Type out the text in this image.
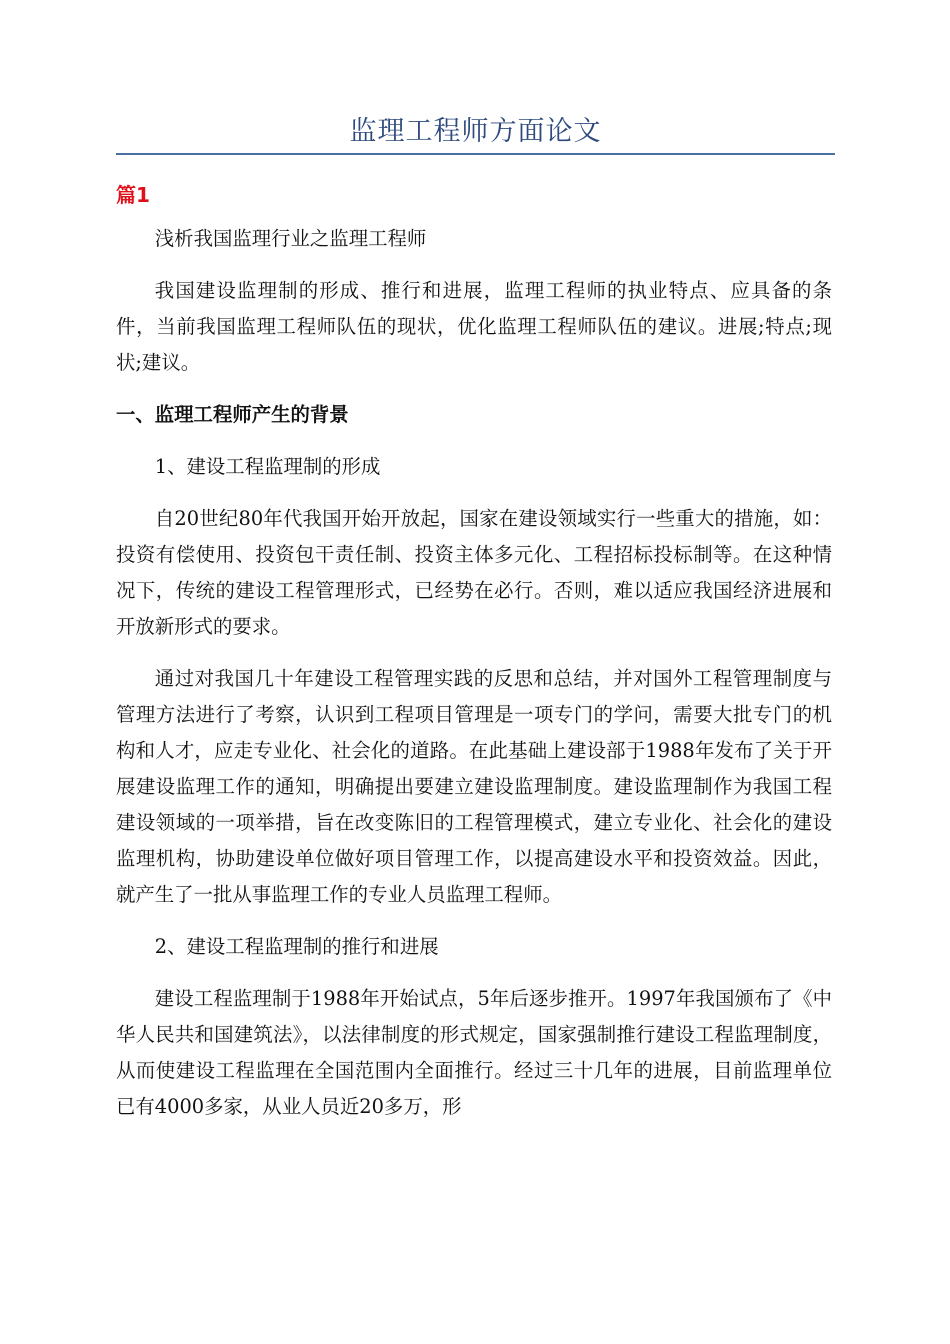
监理工程师方面论文
篇1

浅析我国监理行业之监理工程师

我国建设监理制的形成、推行和进展，监理工程师的执业特点、应具备的条件，当前我国监理工程师队伍的现状，优化监理工程师队伍的建议。进展;特点;现状;建议。

一、监理工程师产生的背景

1、建设工程监理制的形成

自20世纪80年代我国开始开放起，国家在建设领域实行一些重大的措施，如：投资有偿使用、投资包干责任制、投资主体多元化、工程招标投标制等。在这种情况下，传统的建设工程管理形式，已经势在必行。否则，难以适应我国经济进展和开放新形式的要求。

通过对我国几十年建设工程管理实践的反思和总结，并对国外工程管理制度与管理方法进行了考察，认识到工程项目管理是一项专门的学问，需要大批专门的机构和人才，应走专业化、社会化的道路。在此基础上建设部于1988年发布了关于开展建设监理工作的通知，明确提出要建立建设监理制度。建设监理制作为我国工程建设领域的一项举措，旨在改变陈旧的工程管理模式，建立专业化、社会化的建设监理机构，协助建设单位做好项目管理工作，以提高建设水平和投资效益。因此，就产生了一批从事监理工作的专业人员监理工程师。

2、建设工程监理制的推行和进展

建设工程监理制于1988年开始试点，5年后逐步推开。1997年我国颁布了《中华人民共和国建筑法》，以法律制度的形式规定，国家强制推行建设工程监理制度，从而使建设工程监理在全国范围内全面推行。经过三十几年的进展，目前监理单位已有4000多家，从业人员近20多万，形
